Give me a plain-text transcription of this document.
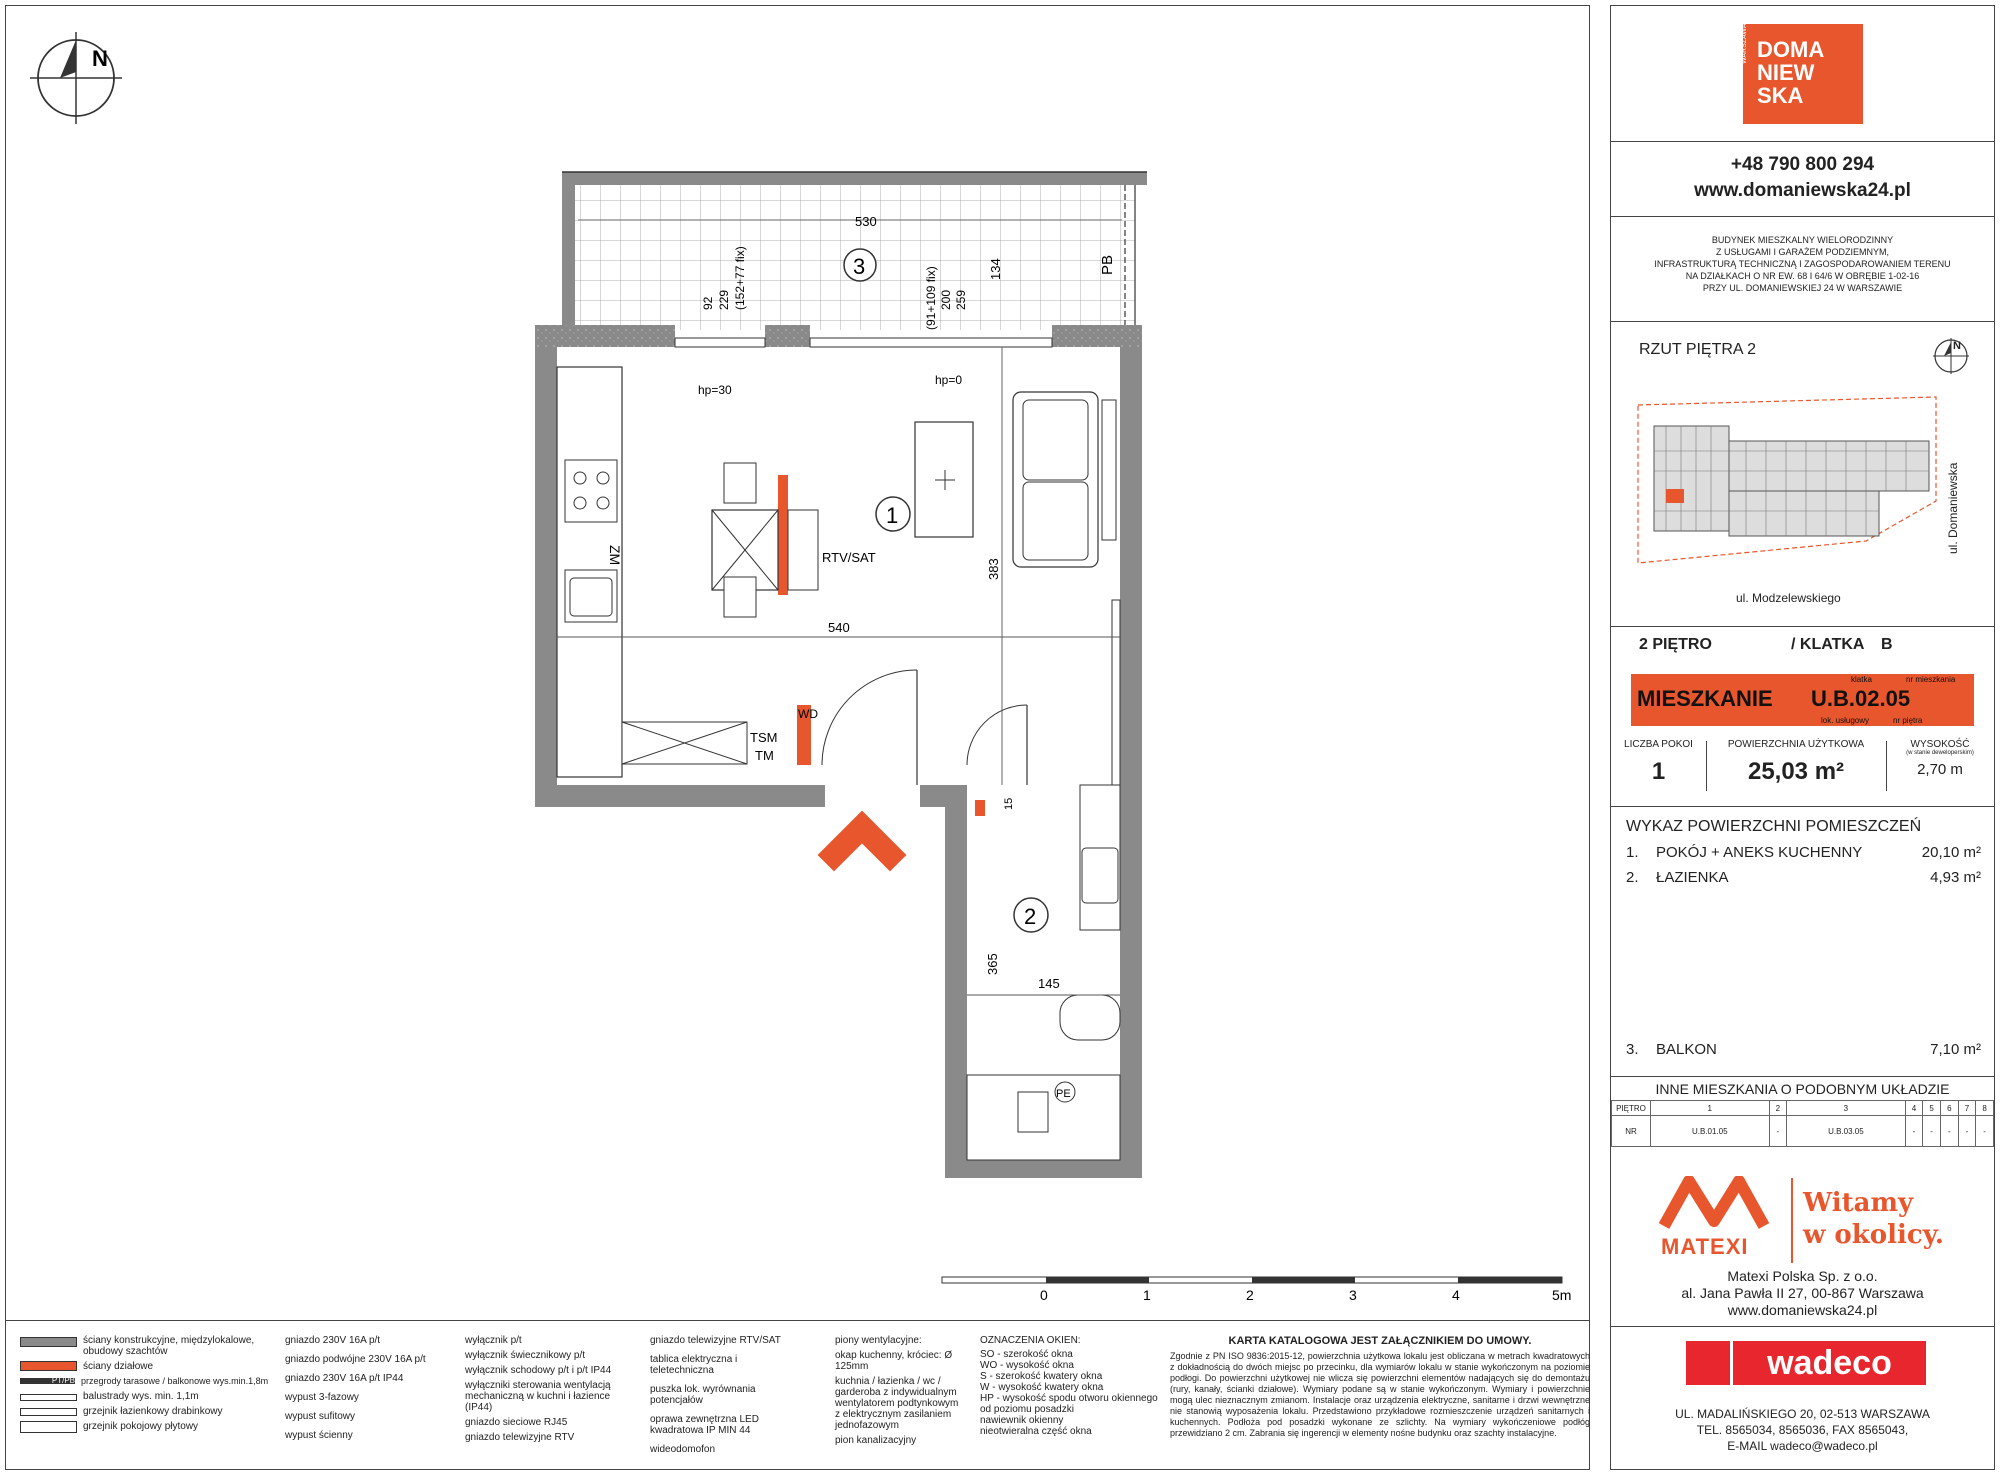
N
3
530
134	PB
92 229 (152+77 fix)	(91+109 fix) 200 259
ZM	RTV/SAT
1
540
383
hp=30
hp=0
WD
TSM
TM
PE
2
145
365
15
0	1	2	3	4	5m
ściany konstrukcyjne, międzylokalowe, obudowy szachtów
ściany działowe
PT/PB przegrody tarasowe / balkonowe wys.min.1,8m
balustrady wys. min. 1,1m
grzejnik łazienkowy drabinkowy
grzejnik pokojowy płytowy
gniazdo 230V 16A p/t
gniazdo podwójne 230V 16A p/t
gniazdo 230V 16A p/t IP44
wypust 3-fazowy
wypust sufitowy
wypust ścienny
wyłącznik p/t
wyłącznik świecznikowy p/t
wyłącznik schodowy p/t i p/t IP44
wyłączniki sterowania wentylacją mechaniczną w kuchni i łazience (IP44)
gniazdo sieciowe RJ45
gniazdo telewizyjne RTV
gniazdo telewizyjne RTV/SAT
tablica elektryczna i teletechniczna
puszka lok. wyrównania potencjałów
oprawa zewnętrzna LED kwadratowa IP MIN 44
wideodomofon
piony wentylacyjne:
okap kuchenny, króciec: Ø 125mm
kuchnia / łazienka / wc / garderoba z indywidualnym wentylatorem podtynkowym z elektrycznym zasilaniem jednofazowym
pion kanalizacyjny
OZNACZENIA OKIEN:
SO - szerokość okna
WO - wysokość okna
S - szerokość kwatery okna
W - wysokość kwatery okna
HP - wysokość spodu otworu okiennego od poziomu posadzki
nawiewnik okienny
nieotwieralna część okna
KARTA KATALOGOWA JEST ZAŁĄCZNIKIEM DO UMOWY.
Zgodnie z PN ISO 9836:2015-12, powierzchnia użytkowa lokalu jest obliczana w metrach kwadratowych z dokładnością do dwóch miejsc po przecinku, dla wymiarów lokalu w stanie wykończonym na poziomie podłogi. Do powierzchni użytkowej nie wlicza się powierzchni elementów nadających się do demontażu (rury, kanały, ścianki działowe). Wymiary podane są w stanie wykończonym. Wymiary i powierzchnie mogą ulec nieznacznym zmianom. Instalacje oraz urządzenia elektryczne, sanitarne i drzwi wewnętrzne nie stanowią wyposażenia lokalu. Przedstawiono przykładowe rozmieszczenie urządzeń sanitarnych i kuchennych. Podłoża pod posadzki wykonane ze szlichty. Na wymiary wykończeniowe podłóg przewidziano 2 cm. Zabrania się ingerencji w elementy nośne budynku oraz szachty instalacyjne.
WARSZAWA DOMA
NIEW
SKA
+48 790 800 294
www.domaniewska24.pl
BUDYNEK MIESZKALNY WIELORODZINNY
Z USŁUGAMI I GARAŻEM PODZIEMNYM,
INFRASTRUKTURĄ TECHNICZNĄ I ZAGOSPODAROWANIEM TERENU
NA DZIAŁKACH O NR EW. 68 I 64/6 W OBRĘBIE 1-02-16
PRZY UL. DOMANIEWSKIEJ 24 W WARSZAWIE
RZUT PIĘTRA 2	N
ul. Domaniewska
ul. Modzelewskiego
2 PIĘTRO	/ KLATKA B
MIESZKANIE U.B.02.05
klatka	nr mieszkania
lok. usługowy	nr piętra
LICZBA POKOI
1
POWIERZCHNIA UŻYTKOWA
25,03 m²
WYSOKOŚĆ
(w stanie deweloperskim)
2,70 m
WYKAZ POWIERZCHNI POMIESZCZEŃ
1.	POKÓJ + ANEKS KUCHENNY	20,10 m²
2.	ŁAZIENKA	4,93 m²
3.	BALKON	7,10 m²
INNE MIESZKANIA O PODOBNYM UKŁADZIE
PIĘTRO	1	2	3	4	5	6	7	8
NR	U.B.01.05	-	U.B.03.05	-	-	-	-	-
MATEXI
Witamy
w okolicy.
Matexi Polska Sp. z o.o.
al. Jana Pawła II 27, 00-867 Warszawa
www.domaniewska24.pl
wadeco
UL. MADALIŃSKIEGO 20, 02-513 WARSZAWA
TEL. 8565034, 8565036, FAX 8565043,
E-MAIL wadeco@wadeco.pl
